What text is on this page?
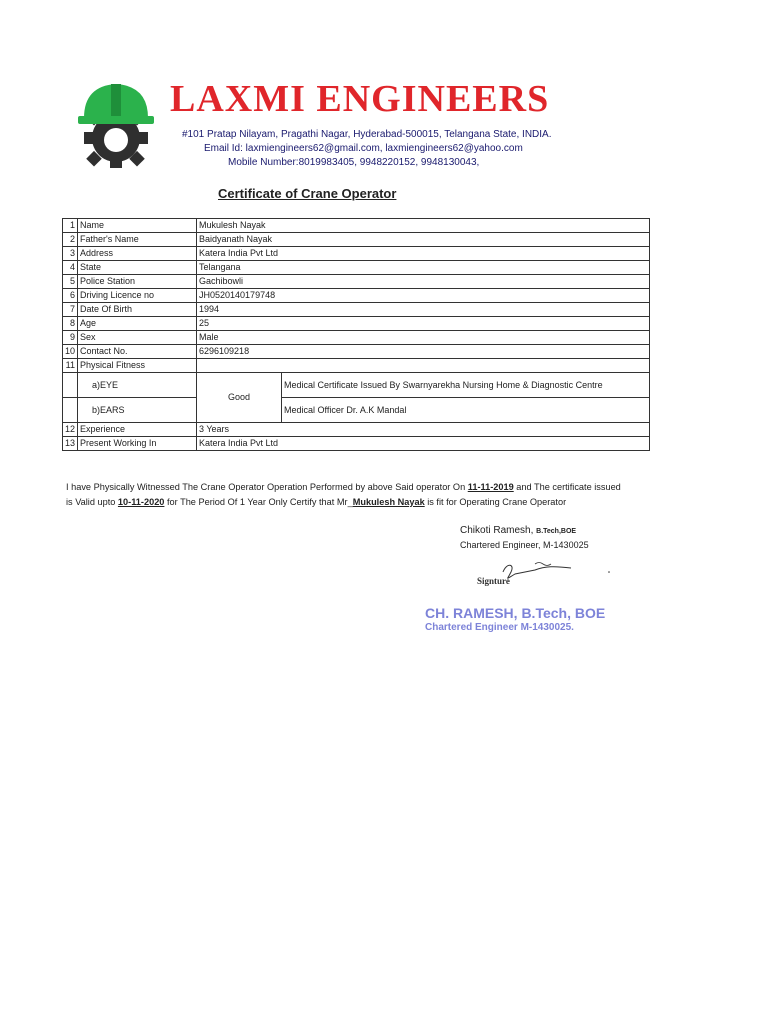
LAXMI ENGINEERS
#101 Pratap Nilayam, Pragathi Nagar, Hyderabad-500015, Telangana State, INDIA.
Email Id: laxmiengineers62@gmail.com, laxmiengineers62@yahoo.com
Mobile Number:8019983405, 9948220152, 9948130043,
Certificate of Crane Operator
1	Name	Mukulesh Nayak	
2	Father's Name	Baidyanath Nayak	
3	Address	Katera India Pvt Ltd	
4	State	Telangana	
5	Police Station	Gachibowli	
6	Driving Licence no	JH0520140179748	
7	Date Of Birth	1994	
8	Age	25	
9	Sex	Male	
10	Contact No.	6296109218	
11	Physical Fitness		
	a)EYE	Good	Medical Certificate Issued By Swarnyarekha Nursing Home & Diagnostic Centre
	b)EARS		Medical Officer Dr. A.K Mandal
12	Experience	3 Years	
13	Present Working In	Katera India Pvt Ltd	
I have Physically Witnessed The Crane Operator Operation Performed by above Said operator On 11-11-2019 and The certificate issued
is Valid upto 10-11-2020 for The Period Of 1 Year Only Certify that Mr_Mukulesh Nayak is fit for Operating Crane Operator
Chikoti Ramesh, B.Tech,BOE
Chartered Engineer, M-1430025
Signture
CH. RAMESH, B.Tech, BOE
Chartered Engineer M-1430025.
